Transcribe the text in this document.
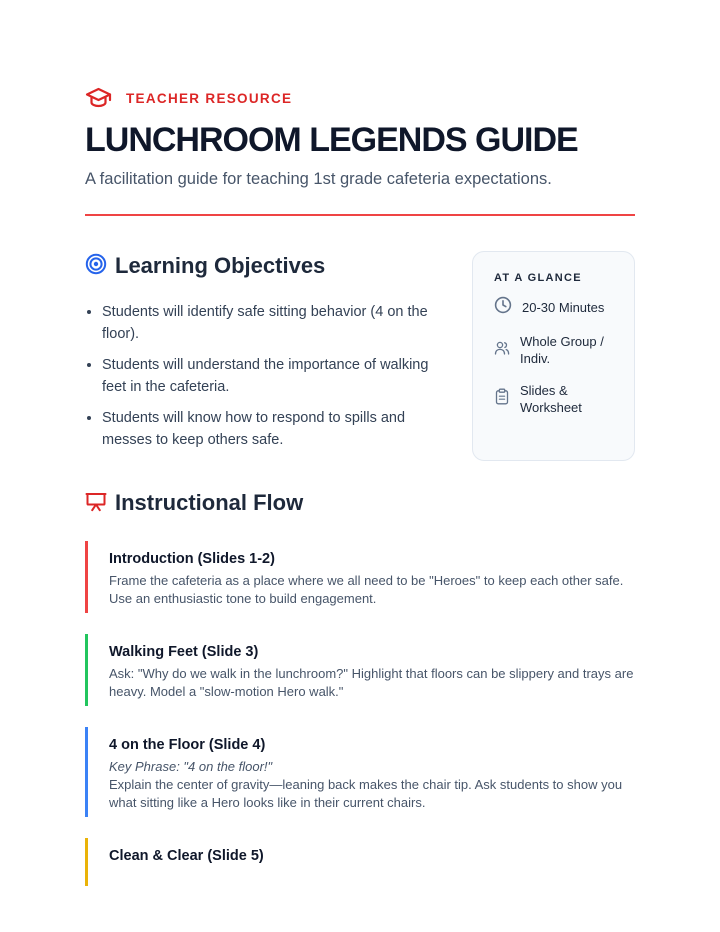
TEACHER RESOURCE
LUNCHROOM LEGENDS GUIDE

A facilitation guide for teaching 1st grade cafeteria expectations.

Learning Objectives
• Students will identify safe sitting behavior (4 on the floor).
• Students will understand the importance of walking feet in the cafeteria.
• Students will know how to respond to spills and messes to keep others safe.
AT A GLANCE
20-30 Minutes
Whole Group / Indiv.
Slides & Worksheet
Instructional Flow
Introduction (Slides 1-2)
Frame the cafeteria as a place where we all need to be "Heroes" to keep each other safe. Use an enthusiastic tone to build engagement.
Walking Feet (Slide 3)
Ask: "Why do we walk in the lunchroom?" Highlight that floors can be slippery and trays are heavy. Model a "slow-motion Hero walk."
4 on the Floor (Slide 4)
Key Phrase: "4 on the floor!"
Explain the center of gravity—leaning back makes the chair tip. Ask students to show you what sitting like a Hero looks like in their current chairs.
Clean & Clear (Slide 5)
